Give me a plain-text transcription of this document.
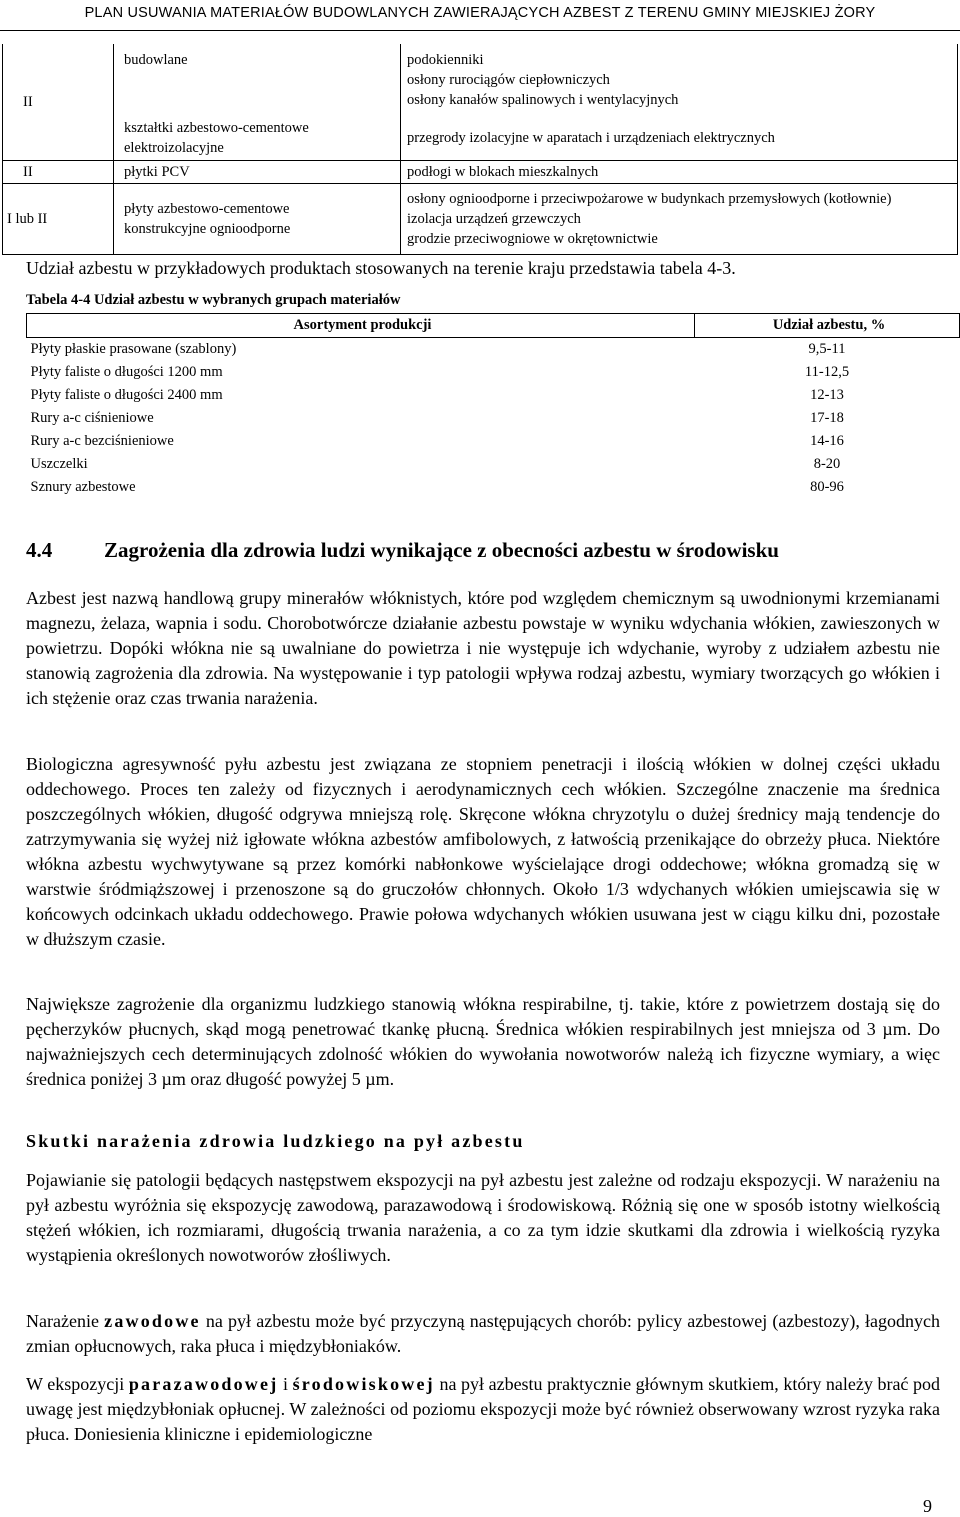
PLAN USUWANIA MATERIAŁÓW BUDOWLANYCH ZAWIERAJĄCYCH AZBEST Z TERENU GMINY MIEJSKIEJ ŻORY
II	budowlane	podokienniki
osłony rurociągów ciepłowniczych
osłony kanałów spalinowych i wentylacyjnych

	kształtki azbestowo-cementowe elektroizolacyjne	przegrody izolacyjne w aparatach i urządzeniach elektrycznych
II	płytki PCV	podłogi w blokach mieszkalnych
I lub II	płyty azbestowo-cementowe konstrukcyjne ognioodporne	osłony ognioodporne i przeciwpożarowe w budynkach przemysłowych (kotłownie)
izolacja urządzeń grzewczych
grodzie przeciwogniowe w okrętownictwie
Udział azbestu w przykładowych produktach stosowanych na terenie kraju przedstawia tabela 4-3.
Tabela 4-4 Udział azbestu w wybranych grupach materiałów
Asortyment produkcji	Udział azbestu, %
Płyty płaskie prasowane (szablony)	9,5-11
Płyty faliste o długości 1200 mm	11-12,5
Płyty faliste o długości 2400 mm	12-13
Rury a-c ciśnieniowe	17-18
Rury a-c bezciśnieniowe	14-16
Uszczelki	8-20
Sznury azbestowe	80-96
4.4 Zagrożenia dla zdrowia ludzi wynikające z obecności azbestu w środowisku
Azbest jest nazwą handlową grupy minerałów włóknistych, które pod względem chemicznym są uwodnionymi krzemianami magnezu, żelaza, wapnia i sodu. Chorobotwórcze działanie azbestu powstaje w wyniku wdychania włókien, zawieszonych w powietrzu. Dopóki włókna nie są uwalniane do powietrza i nie występuje ich wdychanie, wyroby z udziałem azbestu nie stanowią zagrożenia dla zdrowia. Na występowanie i typ patologii wpływa rodzaj azbestu, wymiary tworzących go włókien i ich stężenie oraz czas trwania narażenia.
Biologiczna agresywność pyłu azbestu jest związana ze stopniem penetracji i ilością włókien w dolnej części układu oddechowego. Proces ten zależy od fizycznych i aerodynamicznych cech włókien. Szczególne znaczenie ma średnica poszczególnych włókien, długość odgrywa mniejszą rolę. Skręcone włókna chryzotylu o dużej średnicy mają tendencje do zatrzymywania się wyżej niż igłowate włókna azbestów amfibolowych, z łatwością przenikające do obrzeży płuca. Niektóre włókna azbestu wychwytywane są przez komórki nabłonkowe wyścielające drogi oddechowe; włókna gromadzą się w warstwie śródmiąższowej i przenoszone są do gruczołów chłonnych. Około 1/3 wdychanych włókien umiejscawia się w końcowych odcinkach układu oddechowego. Prawie połowa wdychanych włókien usuwana jest w ciągu kilku dni, pozostałe w dłuższym czasie.
Największe zagrożenie dla organizmu ludzkiego stanowią włókna respirabilne, tj. takie, które z powietrzem dostają się do pęcherzyków płucnych, skąd mogą penetrować tkankę płucną. Średnica włókien respirabilnych jest mniejsza od 3 µm. Do najważniejszych cech determinujących zdolność włókien do wywołania nowotworów należą ich fizyczne wymiary, a więc średnica poniżej 3 µm oraz długość powyżej 5 µm.
Skutki narażenia zdrowia ludzkiego na pył azbestu
Pojawianie się patologii będących następstwem ekspozycji na pył azbestu jest zależne od rodzaju ekspozycji. W narażeniu na pył azbestu wyróżnia się ekspozycję zawodową, parazawodową i środowiskową. Różnią się one w sposób istotny wielkością stężeń włókien, ich rozmiarami, długością trwania narażenia, a co za tym idzie skutkami dla zdrowia i wielkością ryzyka wystąpienia określonych nowotworów złośliwych.
Narażenie zawodowe na pył azbestu może być przyczyną następujących chorób: pylicy azbestowej (azbestozy), łagodnych zmian opłucnowych, raka płuca i międzybłoniaków.
W ekspozycji parazawodowej i środowiskowej na pył azbestu praktycznie głównym skutkiem, który należy brać pod uwagę jest międzybłoniak opłucnej. W zależności od poziomu ekspozycji może być również obserwowany wzrost ryzyka raka płuca. Doniesienia kliniczne i epidemiologiczne
9
